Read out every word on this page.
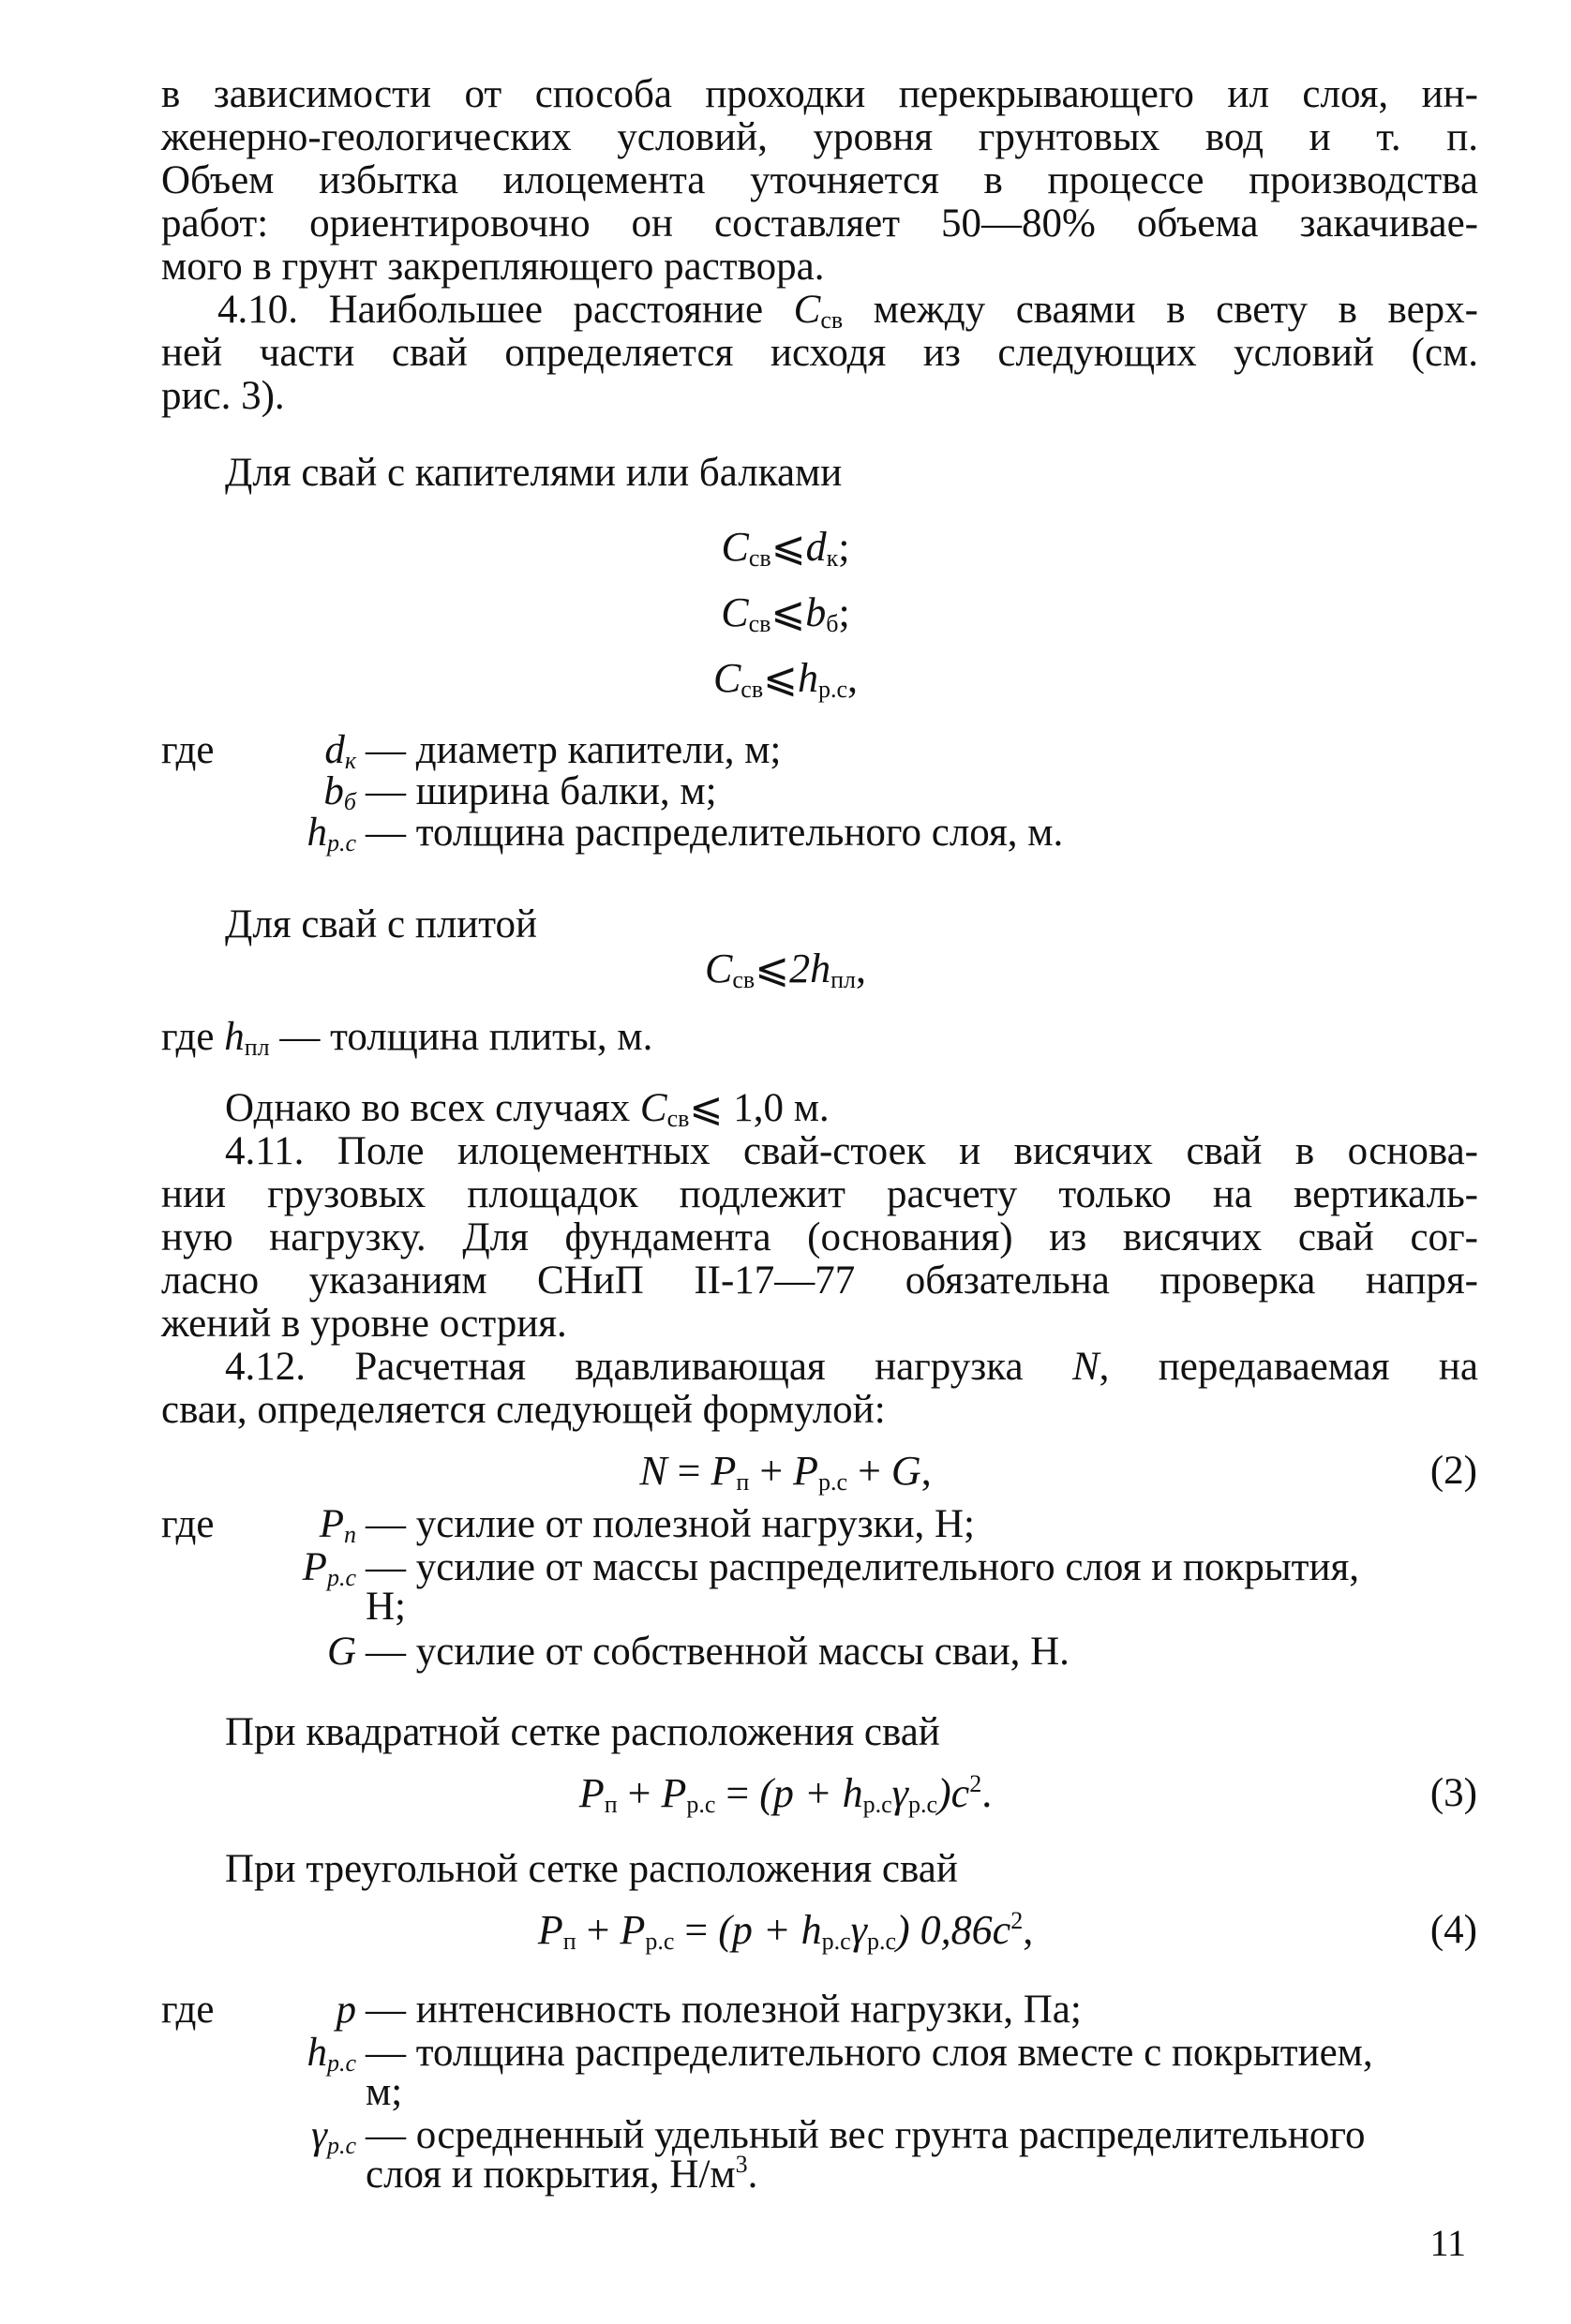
в зависимости от способа проходки перекрывающего ил слоя, ин-
женерно-геологических условий, уровня грунтовых вод и т. п.
Объем избытка илоцемента уточняется в процессе производства
работ: ориентировочно он составляет 50—80% объема закачивае-
мого в грунт закрепляющего раствора.
4.10. Наибольшее расстояние $C_{св}$ между сваями в свету в верх-
ней части свай определяется исходя из следующих условий (см.
рис. 3).
Для свай с капителями или балками
$C_{св}⩽d_к$;
$C_{св}⩽b_б$;
$C_{св}⩽h_{р.с}$,
где	$d_к$ — диаметр капители, м;
$b_б$ — ширина балки, м;
$h_{р.с}$ — толщина распределительного слоя, м.
Для свай с плитой
$C_{св}⩽2h_{пл}$,
где $h_{пл}$ — толщина плиты, м.
Однако во всех случаях $C_{св}⩽$ 1,0 м.
4.11. Поле илоцементных свай-стоек и висячих свай в основа-
нии грузовых площадок подлежит расчету только на вертикаль-
ную нагрузку. Для фундамента (основания) из висячих свай сог-
ласно указаниям СНиП II-17—77 обязательна проверка напря-
жений в уровне острия.
4.12. Расчетная вдавливающая нагрузка N, передаваемая на
сваи, определяется следующей формулой:
$N = P_п + P_{р.с} + G$,	(2)
где	$P_п$ — усилие от полезной нагрузки, Н;
$P_{р.с}$ — усилие от массы распределительного слоя и покрытия,
Н;
G — усилие от собственной массы сваи, Н.
При квадратной сетке расположения свай
$P_п + P_{р.с} = (p + h_{р.с}\gamma_{р.с})c^2$.	(3)
При треугольной сетке расположения свай
$P_п + P_{р.с} = (p + h_{р.с}\gamma_{р.с})$ $0,86c^2$,	(4)
где	p — интенсивность полезной нагрузки, Па;
$h_{р.с}$ — толщина распределительного слоя вместе с покрытием,
м;
$\gamma_{р.с}$ — осредненный удельный вес грунта распределительного
слоя и покрытия, $Н/м^3$.
11
